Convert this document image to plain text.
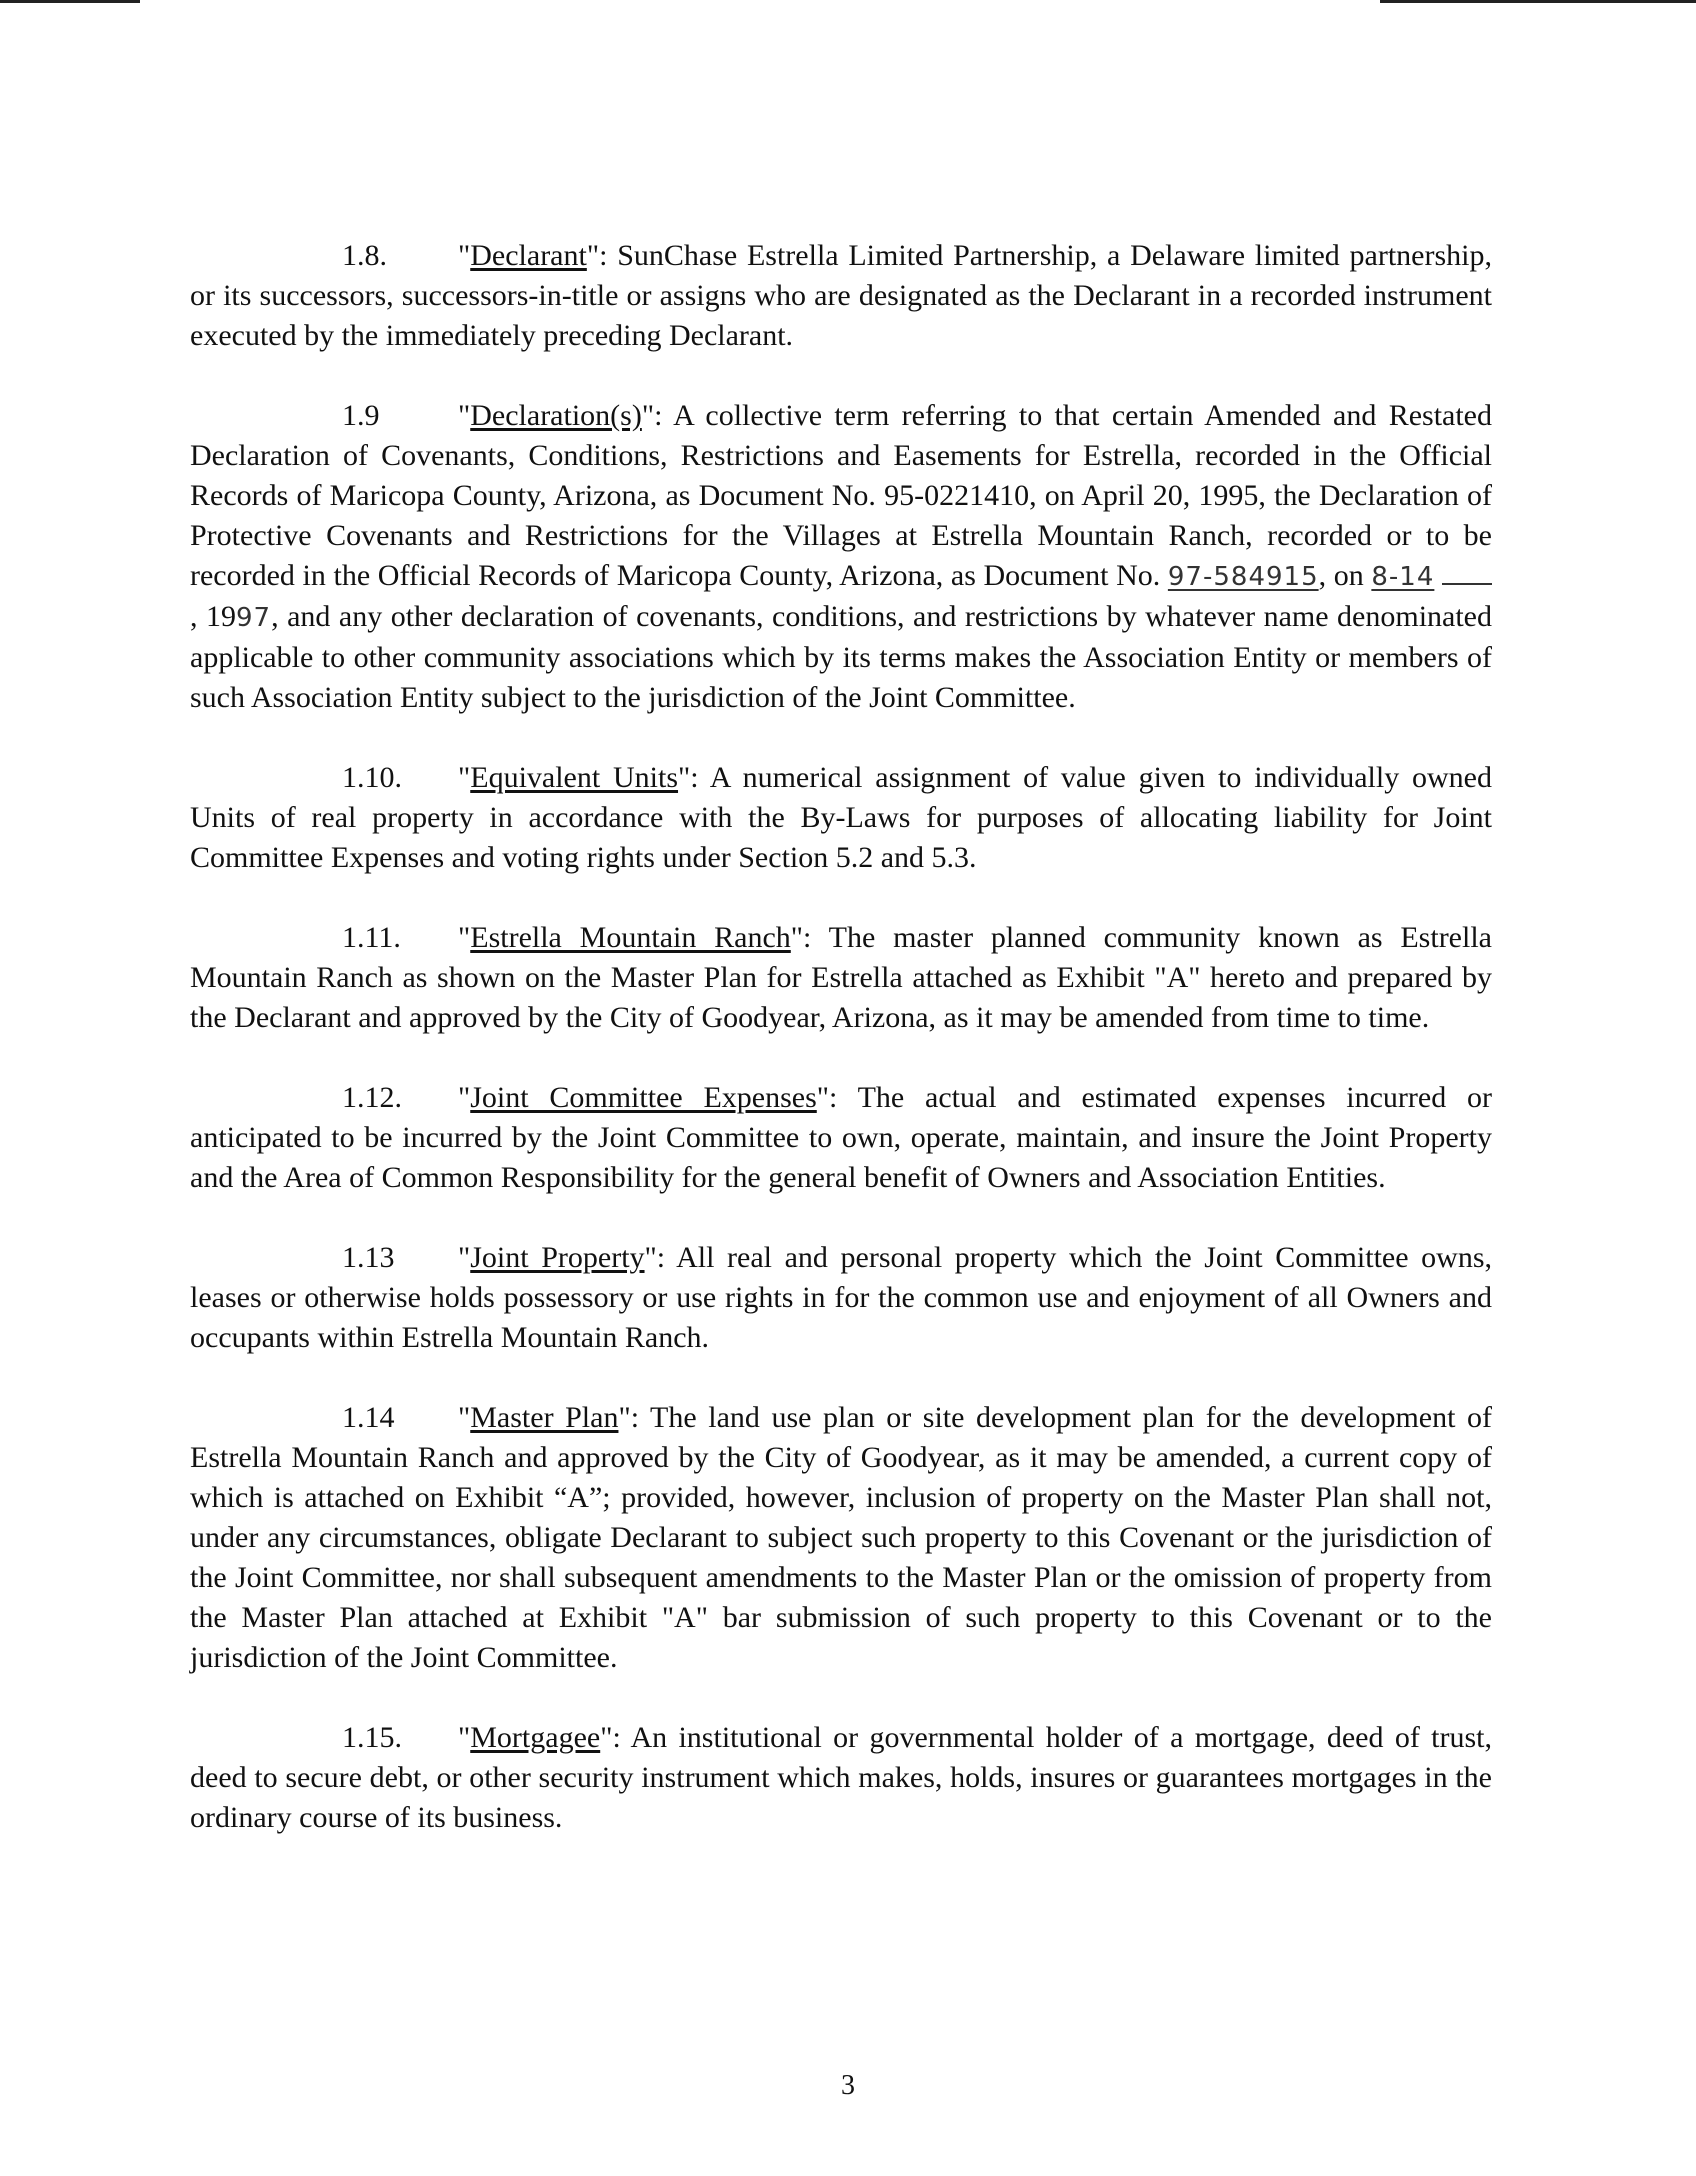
1.8. "Declarant": SunChase Estrella Limited Partnership, a Delaware limited partnership, or its successors, successors-in-title or assigns who are designated as the Declarant in a recorded instrument executed by the immediately preceding Declarant.

1.9	"Declaration(s)": A collective term referring to that certain Amended and Restated Declaration of Covenants, Conditions, Restrictions and Easements for Estrella, recorded in the Official Records of Maricopa County, Arizona, as Document No. 95-0221410, on April 20, 1995, the Declaration of Protective Covenants and Restrictions for the Villages at Estrella Mountain Ranch, recorded or to be recorded in the Official Records of Maricopa County, Arizona, as Document No. 97-584915, on 8-14 , 1997, and any other declaration of covenants, conditions, and restrictions by whatever name denominated applicable to other community associations which by its terms makes the Association Entity or members of such Association Entity subject to the jurisdiction of the Joint Committee.

1.10. "Equivalent Units": A numerical assignment of value given to individually owned Units of real property in accordance with the By-Laws for purposes of allocating liability for Joint Committee Expenses and voting rights under Section 5.2 and 5.3.

1.11. "Estrella Mountain Ranch": The master planned community known as Estrella Mountain Ranch as shown on the Master Plan for Estrella attached as Exhibit "A" hereto and prepared by the Declarant and approved by the City of Goodyear, Arizona, as it may be amended from time to time.

1.12. "Joint Committee Expenses": The actual and estimated expenses incurred or anticipated to be incurred by the Joint Committee to own, operate, maintain, and insure the Joint Property and the Area of Common Responsibility for the general benefit of Owners and Association Entities.

1.13 "Joint Property": All real and personal property which the Joint Committee owns, leases or otherwise holds possessory or use rights in for the common use and enjoyment of all Owners and occupants within Estrella Mountain Ranch.

1.14 "Master Plan": The land use plan or site development plan for the development of Estrella Mountain Ranch and approved by the City of Goodyear, as it may be amended, a current copy of which is attached on Exhibit “A”; provided, however, inclusion of property on the Master Plan shall not, under any circumstances, obligate Declarant to subject such property to this Covenant or the jurisdiction of the Joint Committee, nor shall subsequent amendments to the Master Plan or the omission of property from the Master Plan attached at Exhibit "A" bar submission of such property to this Covenant or to the jurisdiction of the Joint Committee.

1.15. "Mortgagee": An institutional or governmental holder of a mortgage, deed of trust, deed to secure debt, or other security instrument which makes, holds, insures or guarantees mortgages in the ordinary course of its business.

3
